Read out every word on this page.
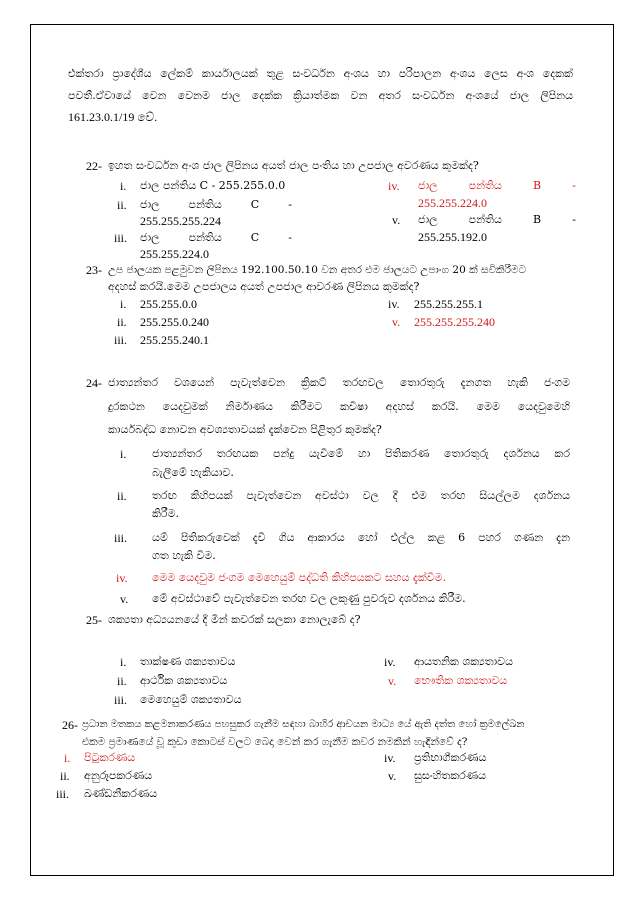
එක්තරා ප්‍රාදේශීය ලේකම් කාර්යාලයක් තුළ සංවර්ධන අංශය හා පරිපාලන අංශය ලෙස අංශ දෙකක්
පවතී.ඒවායේ වෙන වෙනම ජාල දෙක්ක ක්‍රියාත්මක වන අතර සංවර්ධන අංශයේ ජාල ලිපිනය
161.23.0.1/19 වේ.
22- ඉහත සංවර්ධන අංශ ජාල ලිපිනය අයත් ජාල පංතිය හා උපජාල අවරණය කුමක්ද?
i. ජාල පන්තිය C - 255.255.0.0
ii. ජාල පන්තිය C -
255.255.255.224
iii. ජාල පන්තිය C -
255.255.224.0
iv. ජාල පන්තිය B -
255.255.224.0
v. ජාල පන්තිය B -
255.255.192.0
23- උප ජාලයක පළමුවන ලිපිනය 192.100.50.10 වන අතර එම ජාලයට උපාංග 20 ක් සවිකිරීමට
අදහස් කරයි.මෙම උපජාලය අයත් උපජාල ආවරණ ලිපිනය කුමක්ද?
i. 255.255.0.0
ii. 255.255.0.240
iii. 255.255.240.1
iv. 255.255.255.1
v. 255.255.255.240
24- ජාත්‍යන්තර වශයෙන් පැවැත්වෙන ක්‍රිකට් තරඟවල තොරතුරු දැනගත හැකි ජංගම
දුරකථන යෙදවුමක් නිර්මාණය කිරීමට කවීෂා අදහස් කරයි. මෙම යෙදවුමෙහි
කාර්යබද්ධ නොවන අවශ්‍යතාවයක් දැක්වෙන පිළිතුර කුමක්ද?
i. ජාත්‍යන්තර තරඟයක පන්දු යැවීමේ හා පිතිකරණ තොරතුරු දර්ශනය කර
බැලීමේ හැකියාව.
ii. තරඟ කිහිපයක් පැවැත්වෙන අවස්ථා වල දී එම තරඟ සියල්ලම දර්ශනය
කිරීම.
iii. යම් පිතිකරුවෙක් දැවී ගිය ආකාරය හෝ එල්ල කළ 6 පහර ගණන දැන
ගත හැකි වීම.
iv. මෙම යෙදවුම ජංගම මෙහෙයුම් පද්ධති කිහිපයකට සහය දැක්වීම.
v. මේ අවස්ථාවේ පැවැත්වෙන තරඟ වල ලකුණු පුවරුව දර්ශනය කිරීම.
25- ශක්‍යතා අධ්‍යයනයේ දී මින් කවරක් සලකා නොලැබේ ද?
i. තාක්ෂණ ශක්‍යතාවය
ii. ආර්ථික ශක්‍යතාවය
iii. මෙහෙයුම් ශක්‍යතාවය
iv. ආයතනික ශක්‍යතාවය
v. භෞතික ශක්‍යතාවය
26- ප්‍රධාන මතකය කළමනාකරණය පහසුකර ගැනීම සඳහා බාහිර ආචයන මාධ්‍ය යේ ඇති දත්ත හෝ ක්‍රමලේඛන
එකම ප්‍රමාණයේ වූ කුඩා කොටස් වලට බෙදා වෙන් කර ගැනීම කවර නමකින් හැඳින්වේ ද?
i. පිටුකරණය
ii. අනුරූපකරණය
iii. ඛණ්ඩනීකරණය
iv. ප්‍රතිභාගීකරණය
v. සුසංහිතකරණය
